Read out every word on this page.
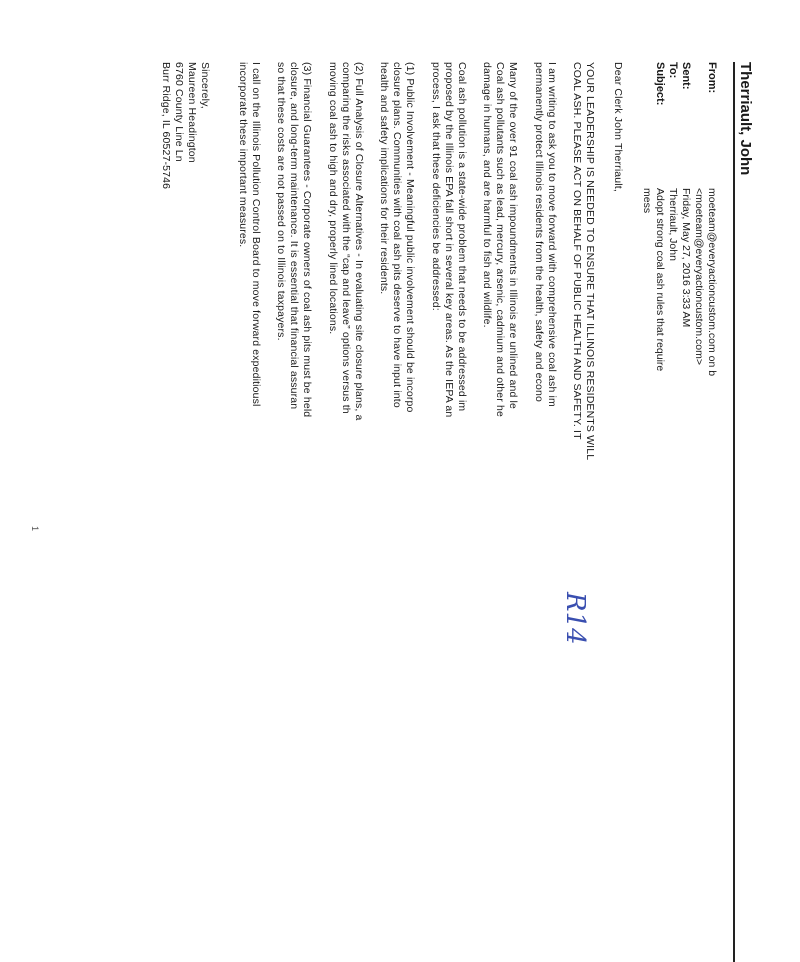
Therriault, John
From:
moeteam@everyactioncustom.com on b
<moeteam@everyactioncustom.com>
Sent:
Friday, May 27, 2016 3:33 AM
To:
Therriault, John
Subject:
Adopt strong coal ash rules that require
mess
Dear Clerk John Therriault,
YOUR LEADERSHIP IS NEEDED TO ENSURE THAT ILLINOIS RESIDENTS WILL
COAL ASH. PLEASE ACT ON BEHALF OF PUBLIC HEALTH AND SAFETY. IT
I am writing to ask you to move forward with comprehensive coal ash im
permanently protect Illinois residents from the health, safety and econo
Many of the over 91 coal ash impoundments in Illinois are unlined and le
Coal ash pollutants such as lead, mercury, arsenic, cadmium and other he
damage in humans, and are harmful to fish and wildlife.
Coal ash pollution is a state-wide problem that needs to be addressed im
proposed by the Illinois EPA fall short in several key areas. As the IEPA an
process, I ask that these deficiencies be addressed:
(1) Public Involvement - Meaningful public involvement should be incorpo
closure plans. Communities with coal ash pits deserve to have input into
health and safety implications for their residents.
(2) Full Analysis of Closure Alternatives - In evaluating site closure plans, a
comparing the risks associated with the “cap and leave” options versus th
moving coal ash to high and dry, properly lined locations.
(3) Financial Guarantees - Corporate owners of coal ash pits must be held
closure, and long-term maintenance. It is essential that financial assuran
so that these costs are not passed on to Illinois taxpayers.
I call on the Illinois Pollution Control Board to move forward expeditiousl
incorporate these important measures.
Sincerely,
Maureen Headington
6760 County Line Ln
Burr Ridge, IL 60527-5746
R14
1
